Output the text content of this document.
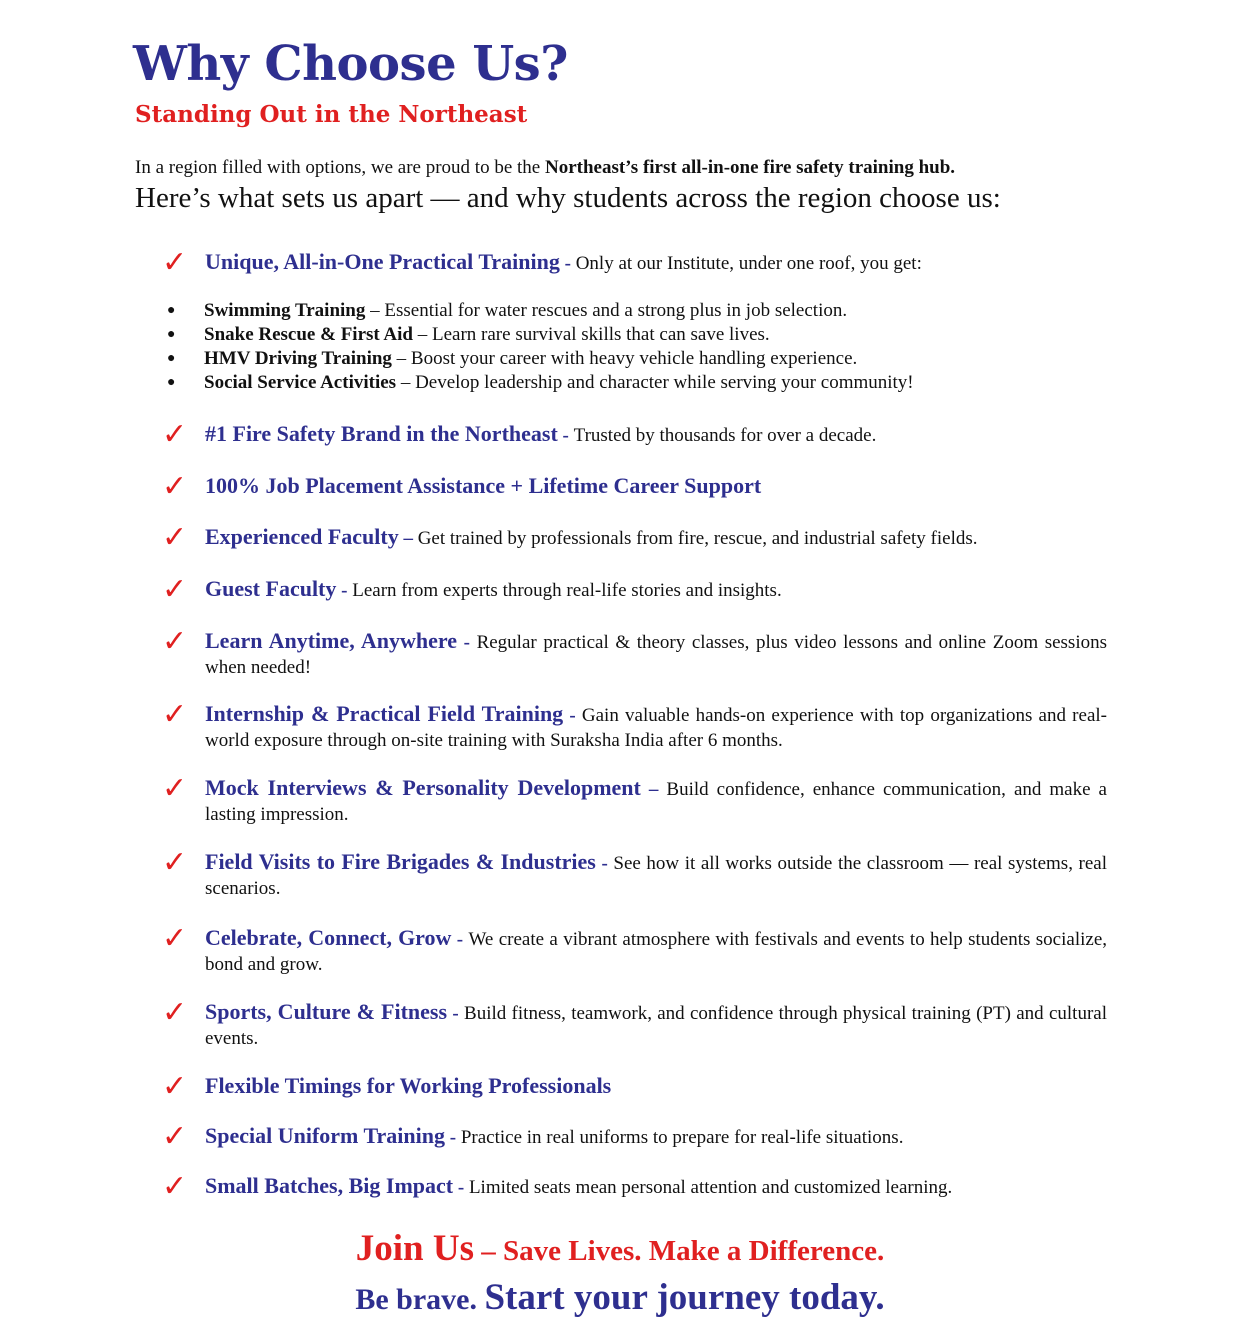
Why Choose Us?
Standing Out in the Northeast

In a region filled with options, we are proud to be the Northeast’s first all-in-one fire safety training hub.

Here’s what sets us apart — and why students across the region choose us:

✓ Unique, All-in-One Practical Training - Only at our Institute, under one roof, you get:
● Swimming Training – Essential for water rescues and a strong plus in job selection.
● Snake Rescue & First Aid – Learn rare survival skills that can save lives.
● HMV Driving Training – Boost your career with heavy vehicle handling experience.
● Social Service Activities – Develop leadership and character while serving your community!
✓ #1 Fire Safety Brand in the Northeast - Trusted by thousands for over a decade.
✓ 100% Job Placement Assistance + Lifetime Career Support
✓ Experienced Faculty – Get trained by professionals from fire, rescue, and industrial safety fields.
✓ Guest Faculty - Learn from experts through real-life stories and insights.
✓ Learn Anytime, Anywhere - Regular practical & theory classes, plus video lessons and online Zoom sessions when needed!
✓ Internship & Practical Field Training - Gain valuable hands-on experience with top organizations and real-world exposure through on-site training with Suraksha India after 6 months.
✓ Mock Interviews & Personality Development – Build confidence, enhance communication, and make a lasting impression.
✓ Field Visits to Fire Brigades & Industries - See how it all works outside the classroom — real systems, real scenarios.
✓ Celebrate, Connect, Grow - We create a vibrant atmosphere with festivals and events to help students socialize, bond and grow.
✓ Sports, Culture & Fitness - Build fitness, teamwork, and confidence through physical training (PT) and cultural events.
✓ Flexible Timings for Working Professionals
✓ Special Uniform Training - Practice in real uniforms to prepare for real-life situations.
✓ Small Batches, Big Impact - Limited seats mean personal attention and customized learning.

Join Us – Save Lives. Make a Difference.

Be brave. Start your journey today.
